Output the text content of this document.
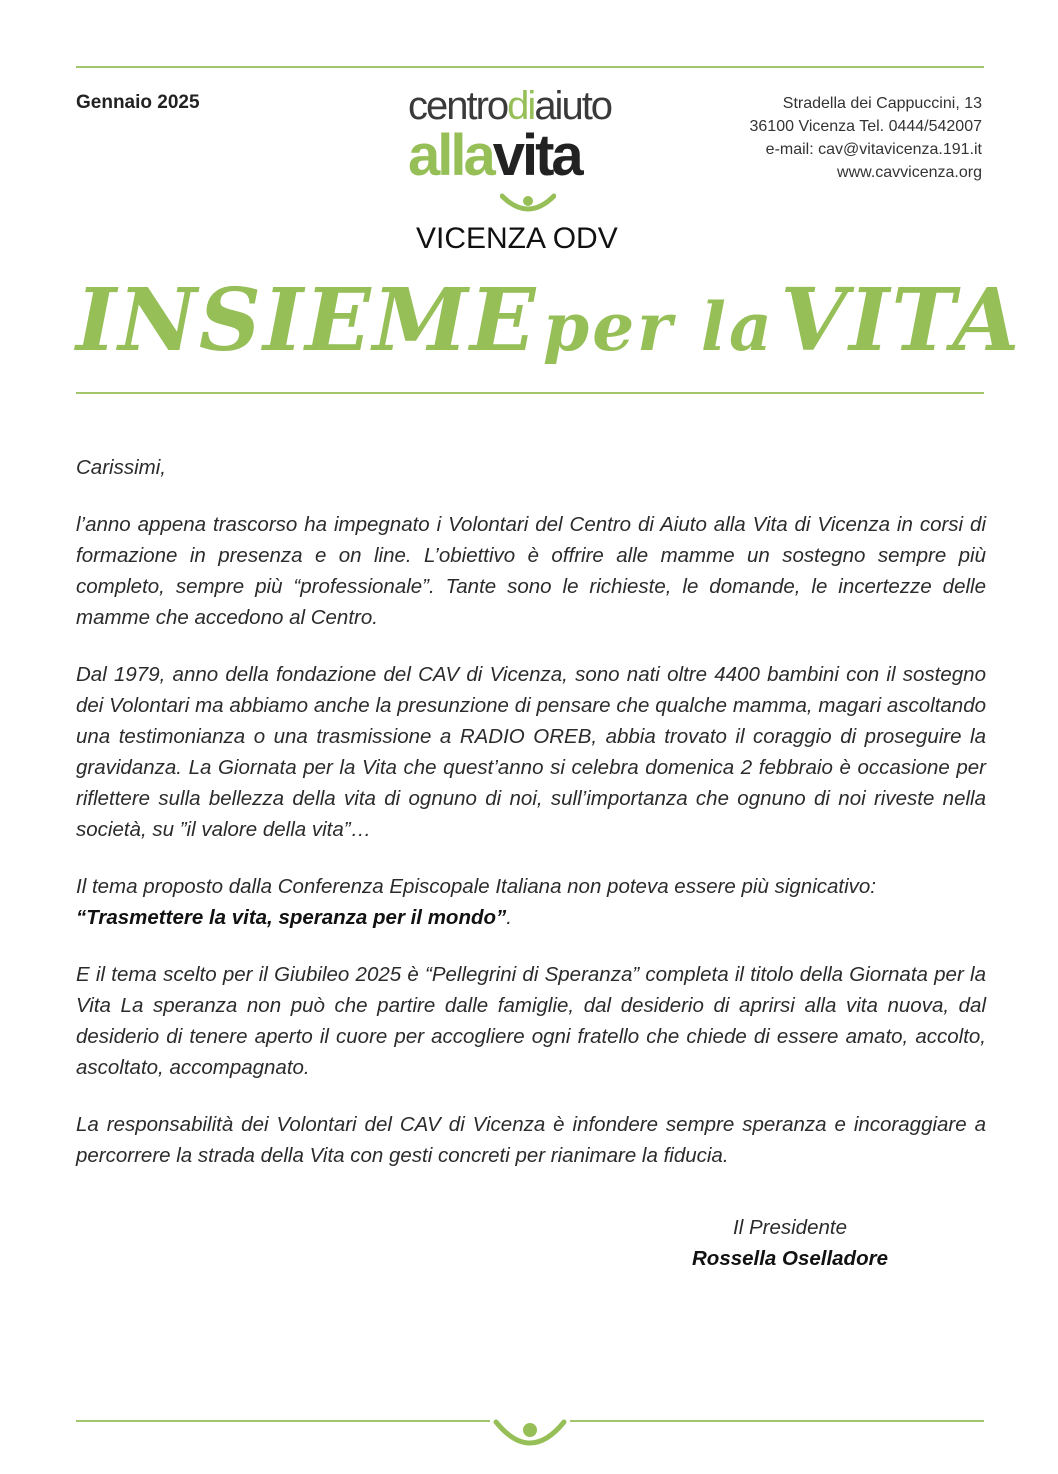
Gennaio 2025	centrodiaiuto
allavita
VICENZA ODV
Stradella dei Cappuccini, 13
36100 Vicenza Tel. 0444/542007
e-mail: cav@vitavicenza.191.it
www.cavvicenza.org
INSIEME per la VITA

Carissimi,

l’anno appena trascorso ha impegnato i Volontari del Centro di Aiuto alla Vita di Vicenza in corsi di formazione in presenza e on line. L’obiettivo è offrire alle mamme un sostegno sempre più completo, sempre più “professionale”. Tante sono le richieste, le domande, le incertezze delle mamme che accedono al Centro.

Dal 1979, anno della fondazione del CAV di Vicenza, sono nati oltre 4400 bambini con il sostegno dei Volontari ma abbiamo anche la presunzione di pensare che qualche mamma, magari ascoltando una testimonianza o una trasmissione a RADIO OREB, abbia trovato il coraggio di proseguire la gravidanza. La Giornata per la Vita che quest’anno si celebra domenica 2 febbraio è occasione per riflettere sulla bellezza della vita di ognuno di noi, sull’importanza che ognuno di noi riveste nella società, su ”il valore della vita”…

Il tema proposto dalla Conferenza Episcopale Italiana non poteva essere più signicativo:
“Trasmettere la vita, speranza per il mondo”.

E il tema scelto per il Giubileo 2025 è “Pellegrini di Speranza” completa il titolo della Giornata per la Vita La speranza non può che partire dalle famiglie, dal desiderio di aprirsi alla vita nuova, dal desiderio di tenere aperto il cuore per accogliere ogni fratello che chiede di essere amato, accolto, ascoltato, accompagnato.

La responsabilità dei Volontari del CAV di Vicenza è infondere sempre speranza e incoraggiare a percorrere la strada della Vita con gesti concreti per rianimare la fiducia.

Il Presidente
Rossella Oselladore
